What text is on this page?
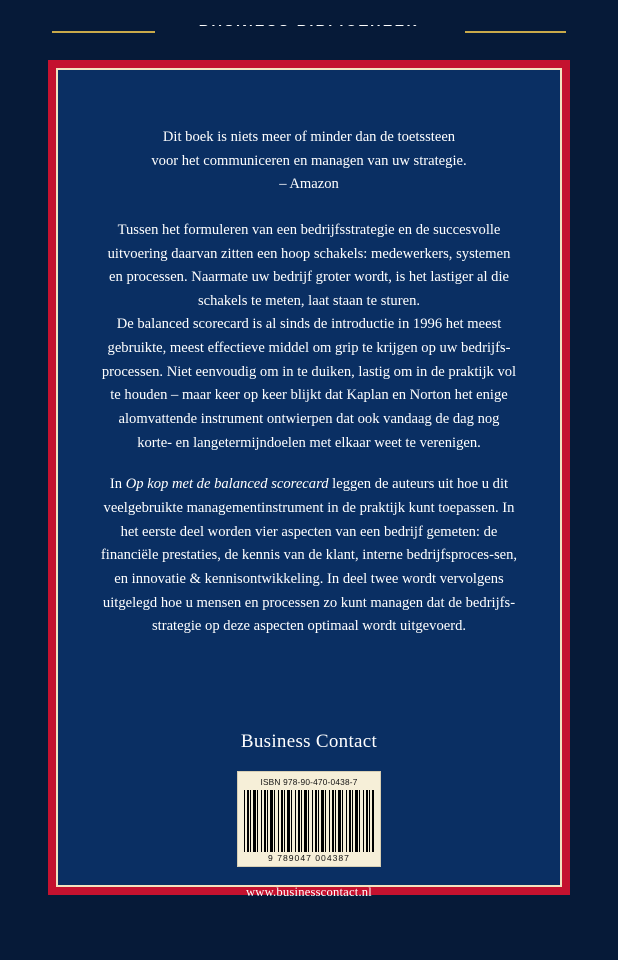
Dit boek is niets meer of minder dan de toetssteen
voor het communiceren en managen van uw strategie.
– Amazon

Tussen het formuleren van een bedrijfsstrategie en de succesvolle uitvoering daarvan zitten een hoop schakels: medewerkers, systemen en processen. Naarmate uw bedrijf groter wordt, is het lastiger al die schakels te meten, laat staan te sturen.

De balanced scorecard is al sinds de introductie in 1996 het meest gebruikte, meest effectieve middel om grip te krijgen op uw bedrijfs-processen. Niet eenvoudig om in te duiken, lastig om in de praktijk vol te houden – maar keer op keer blijkt dat Kaplan en Norton het enige alomvattende instrument ontwierpen dat ook vandaag de dag nog korte- en langetermijndoelen met elkaar weet te verenigen.

In Op kop met de balanced scorecard leggen de auteurs uit hoe u dit veelgebruikte managementinstrument in de praktijk kunt toepassen. In het eerste deel worden vier aspecten van een bedrijf gemeten: de financiële prestaties, de kennis van de klant, interne bedrijfsproces-sen, en innovatie & kennisontwikkeling. In deel twee wordt vervolgens uitgelegd hoe u mensen en processen zo kunt managen dat de bedrijfs-strategie op deze aspecten optimaal wordt uitgevoerd.

Business Contact
ISBN 978-90-470-0438-7
9 789047 004387
www.businesscontact.nl
